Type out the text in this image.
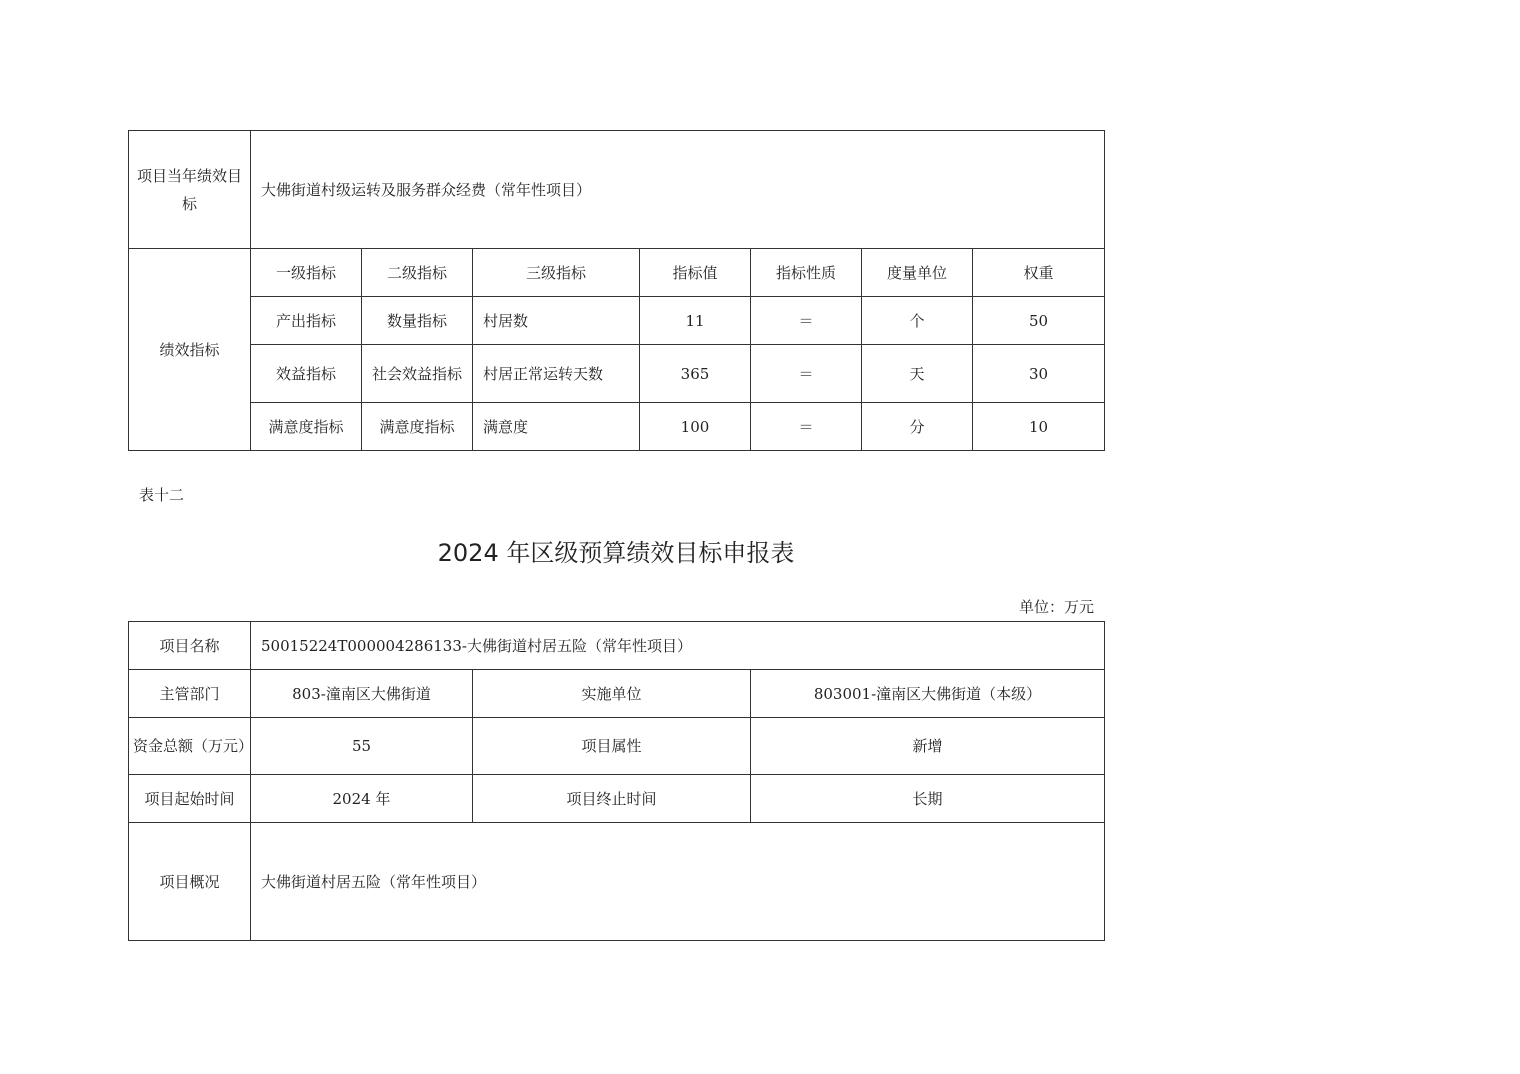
项目当年绩效目标	大佛街道村级运转及服务群众经费（常年性项目）						
绩效指标	一级指标	二级指标	三级指标	指标值	指标性质	度量单位	权重
	产出指标	数量指标	村居数	11	＝	个	50
	效益指标	社会效益指标	村居正常运转天数	365	＝	天	30
	满意度指标	满意度指标	满意度	100	＝	分	10
表十二
2024 年区级预算绩效目标申报表
单位：万元
项目名称	50015224T000004286133-大佛街道村居五险（常年性项目）		
主管部门	803-潼南区大佛街道	实施单位	803001-潼南区大佛街道（本级）
资金总额（万元）	55	项目属性	新增
项目起始时间	2024 年	项目终止时间	长期
项目概况	大佛街道村居五险（常年性项目）		
